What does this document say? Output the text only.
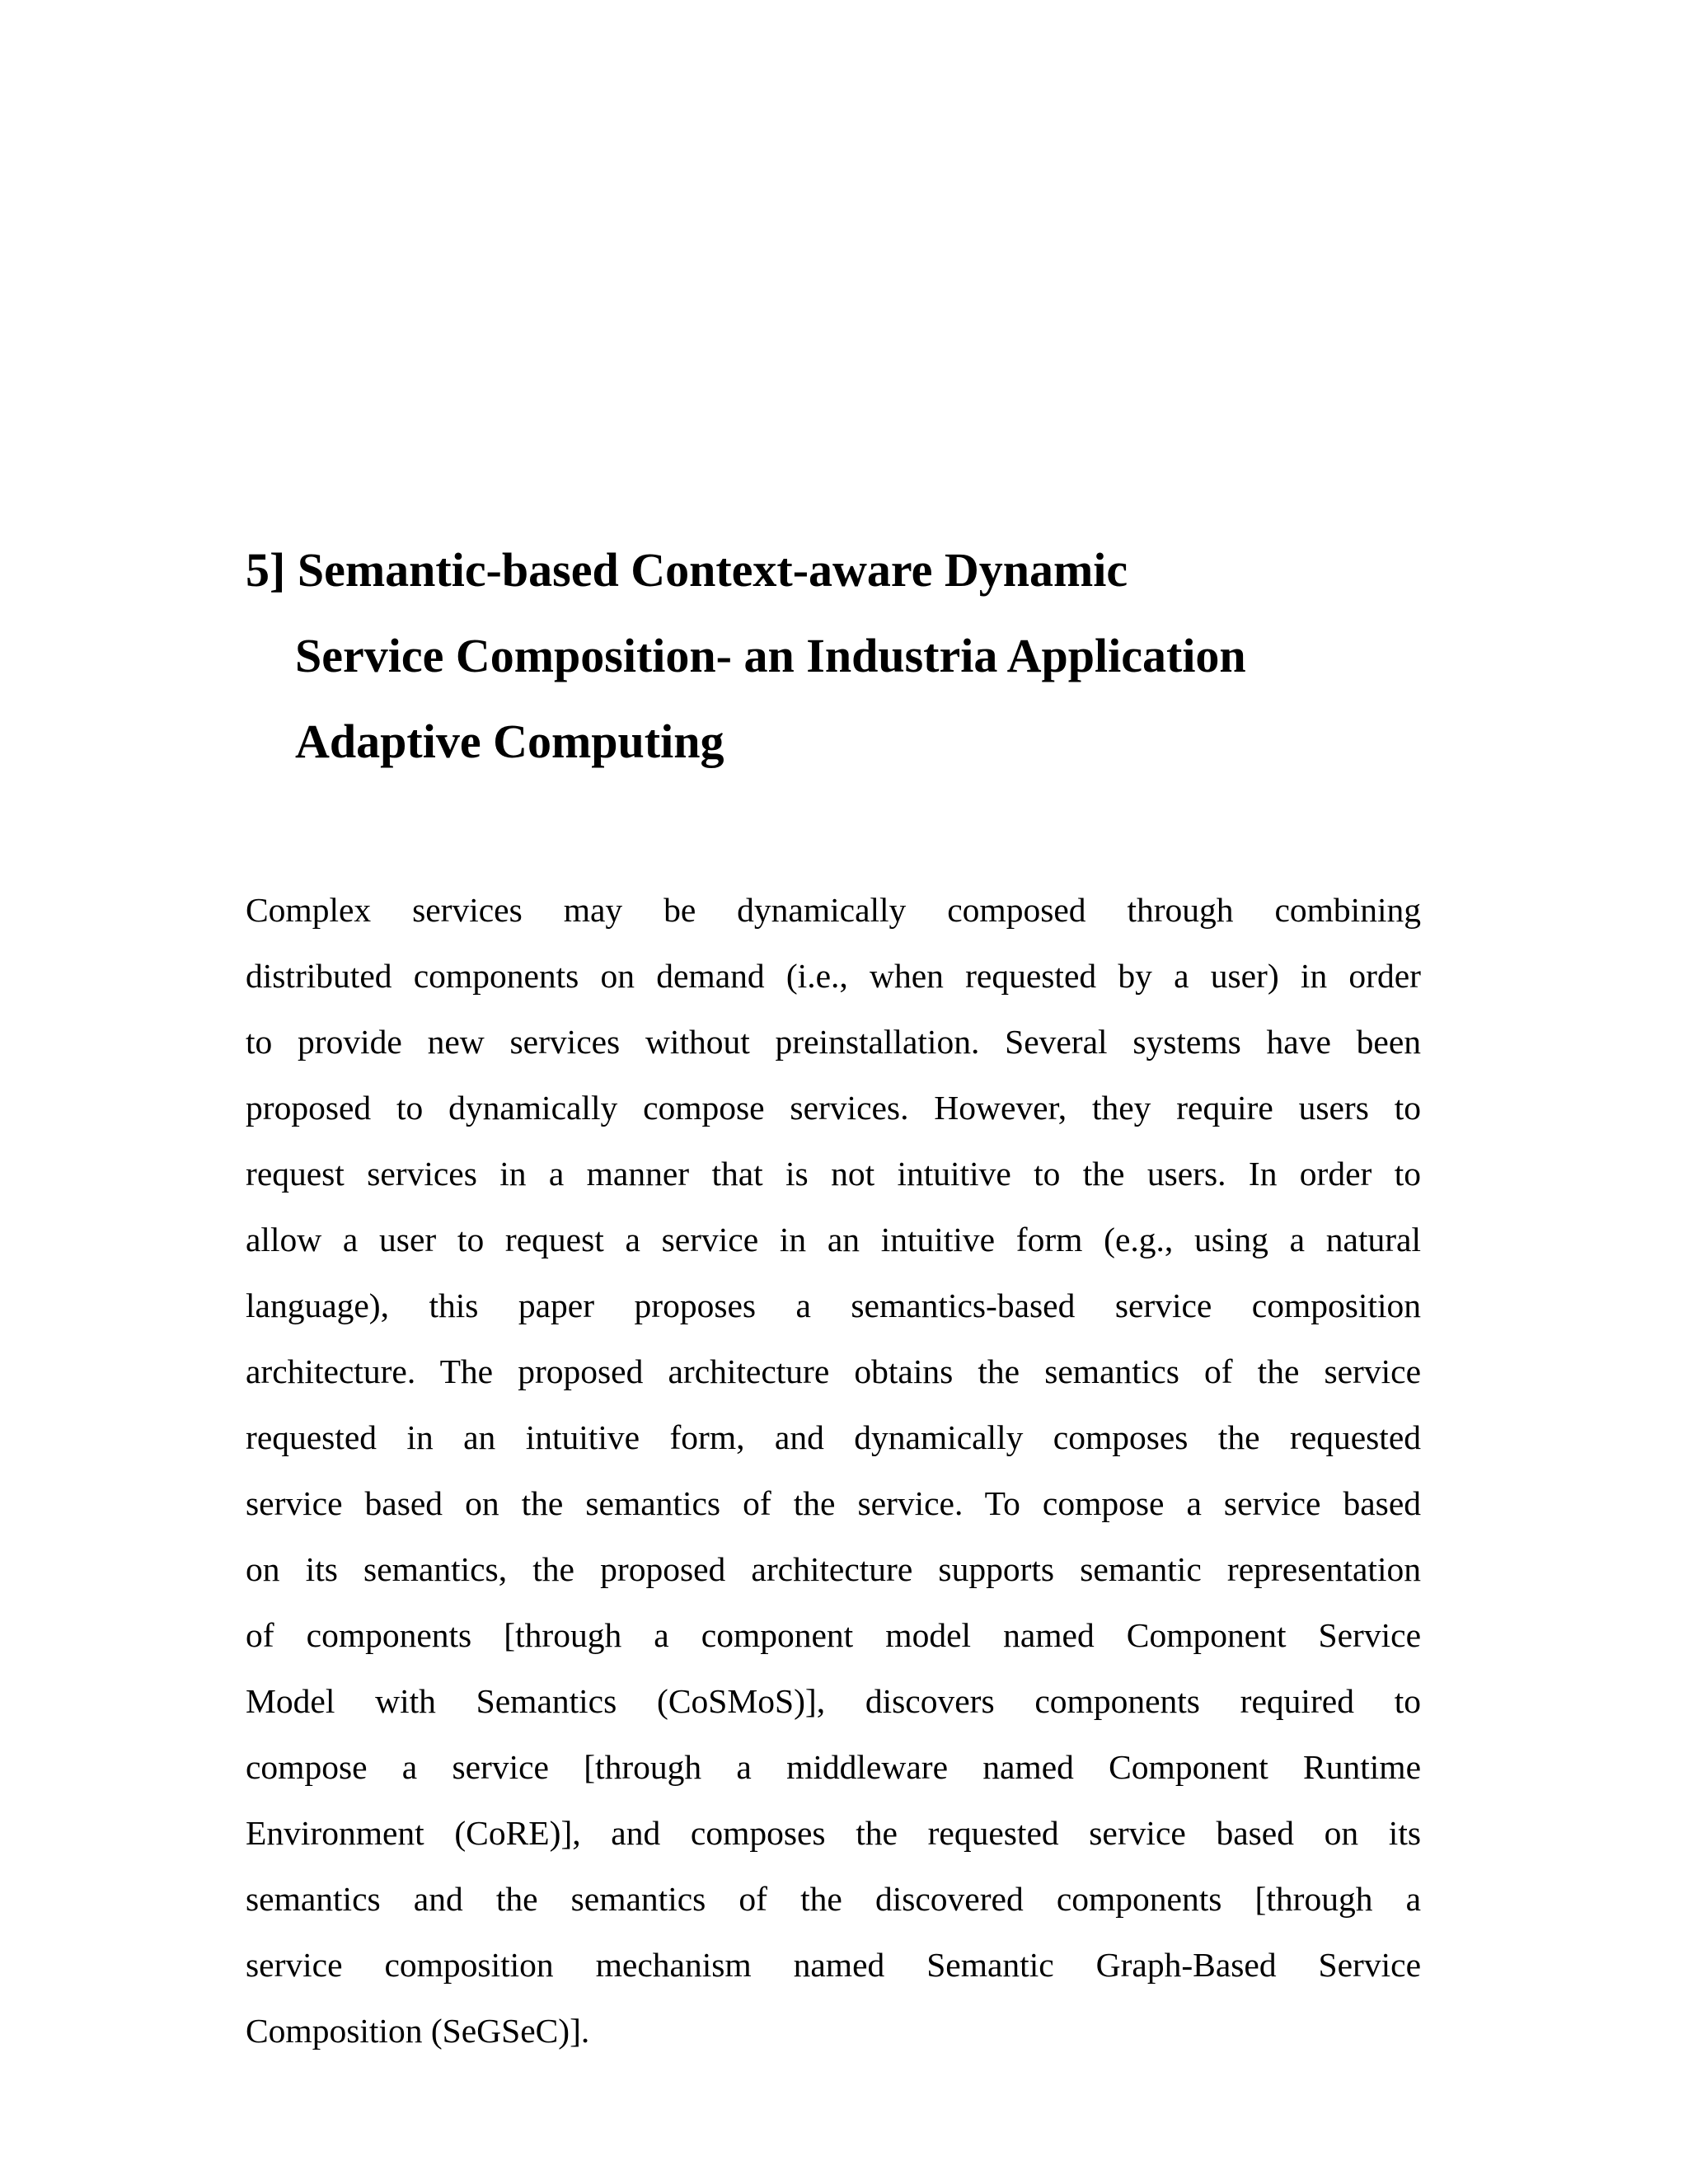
5] Semantic-based Context-aware Dynamic
Service Composition- an Industria Application
Adaptive Computing
Complex services may be dynamically composed through combining
distributed components on demand (i.e., when requested by a user) in order
to provide new services without preinstallation. Several systems have been
proposed to dynamically compose services. However, they require users to
request services in a manner that is not intuitive to the users. In order to
allow a user to request a service in an intuitive form (e.g., using a natural
language), this paper proposes a semantics-based service composition
architecture. The proposed architecture obtains the semantics of the service
requested in an intuitive form, and dynamically composes the requested
service based on the semantics of the service. To compose a service based
on its semantics, the proposed architecture supports semantic representation
of components [through a component model named Component Service
Model with Semantics (CoSMoS)], discovers components required to
compose a service [through a middleware named Component Runtime
Environment (CoRE)], and composes the requested service based on its
semantics and the semantics of the discovered components [through a
service composition mechanism named Semantic Graph-Based Service
Composition (SeGSeC)].
